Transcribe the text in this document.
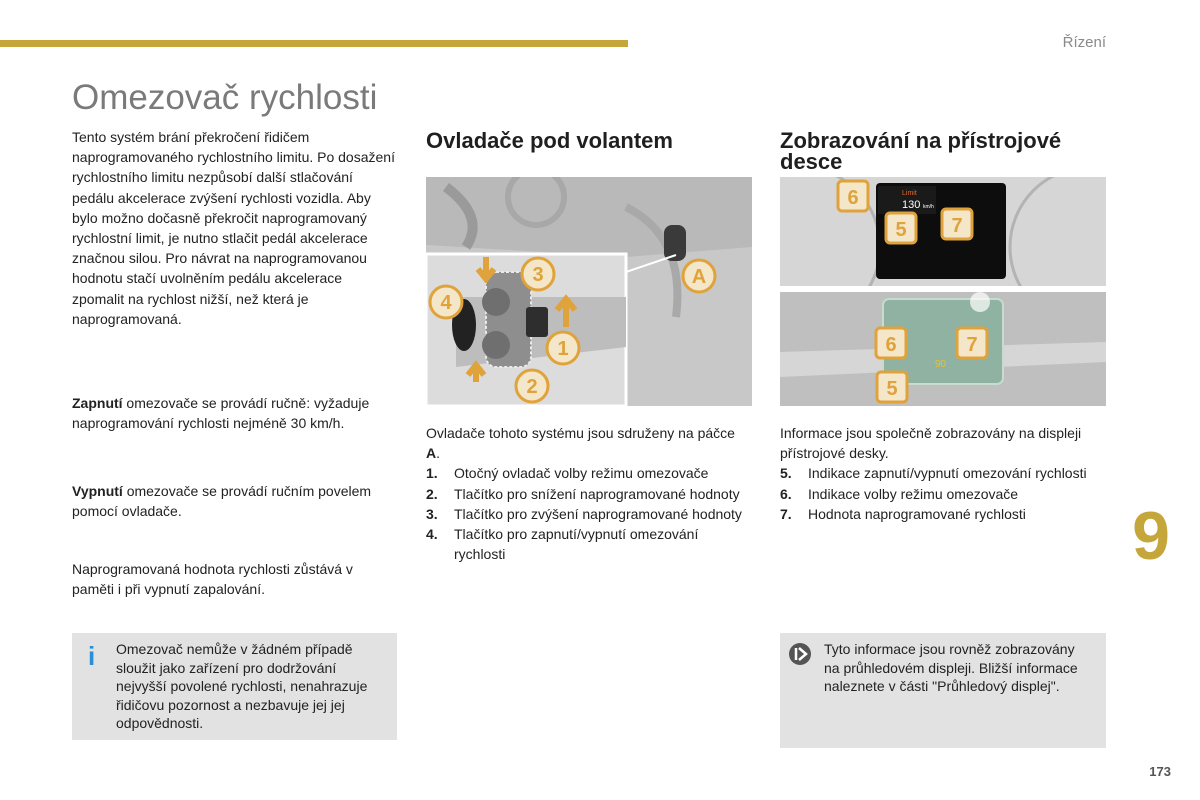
Řízení
Omezovač rychlosti

Tento systém brání překročení řidičem naprogramovaného rychlostního limitu. Po dosažení rychlostního limitu nezpůsobí další stlačování pedálu akcelerace zvýšení rychlosti vozidla. Aby bylo možno dočasně překročit naprogramovaný rychlostní limit, je nutno stlačit pedál akcelerace značnou silou. Pro návrat na naprogramovanou hodnotu stačí uvolněním pedálu akcelerace zpomalit na rychlost nižší, než která je naprogramovaná.

Zapnutí omezovače se provádí ručně: vyžaduje naprogramování rychlosti nejméně 30 km/h.

Vypnutí omezovače se provádí ručním povelem pomocí ovladače.

Naprogramovaná hodnota rychlosti zůstává v paměti i při vypnutí zapalování.

i Omezovač nemůže v žádném případě sloužit jako zařízení pro dodržování nejvyšší povolené rychlosti, nenahrazuje řidičovu pozornost a nezbavuje jej jej odpovědnosti.
Ovladače pod volantem
4
3
1
2
A

Ovladače tohoto systému jsou sdruženy na páčce A.

1.	Otočný ovladač volby režimu omezovače
2.	Tlačítko pro snížení naprogramované hodnoty
3.	Tlačítko pro zvýšení naprogramované hodnoty
4.	Tlačítko pro zapnutí/vypnutí omezování rychlosti
Zobrazování na přístrojové desce
Limit
130 km/h
90
6
5 7
6	7
5

Informace jsou společně zobrazovány na displeji přístrojové desky.

5.	Indikace zapnutí/vypnutí omezování rychlosti
6.	Indikace volby režimu omezovače
7.	Hodnota naprogramované rychlosti
Tyto informace jsou rovněž zobrazovány na průhledovém displeji. Bližší informace naleznete v části "Průhledový displej".
9
173
